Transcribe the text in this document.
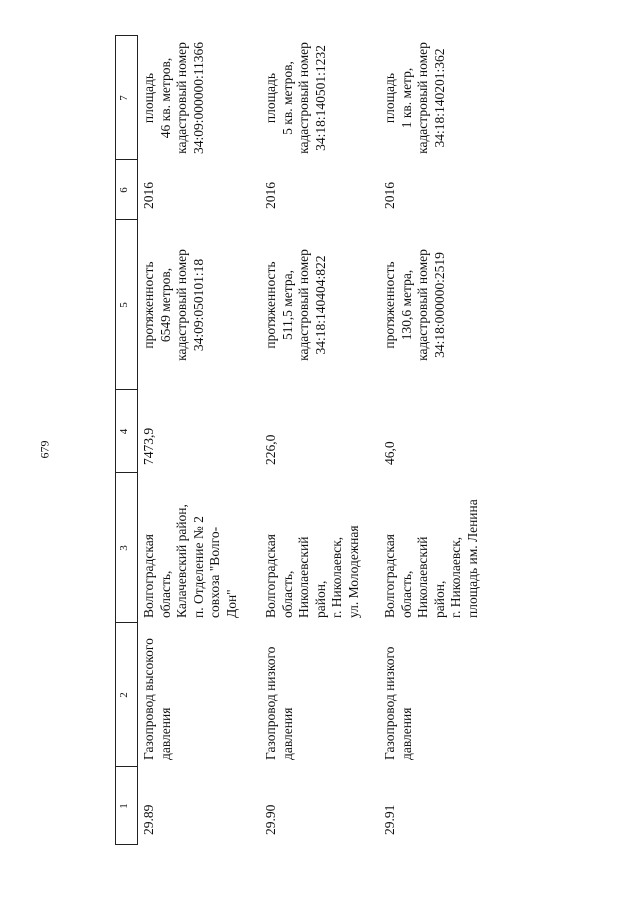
679
1
2
3
4
5
6
7
29.89
Газопровод высокого давления
Волгоградская область, Калачевский район, п. Отделение № 2 совхоза "Волго- Дон"
7473,9
протяженность 6549 метров, кадастровый номер 34:09:050101:18
2016
площадь 46 кв. метров, кадастровый номер 34:09:000000:11366
29.90
Газопровод низкого давления
Волгоградская область, Николаевский район, г. Николаевск, ул. Молодежная
226,0
протяженность 511,5 метра, кадастровый номер 34:18:140404:822
2016
площадь 5 кв. метров, кадастровый номер 34:18:140501:1232
29.91
Газопровод низкого давления
Волгоградская область, Николаевский район, г. Николаевск, площадь им. Ленина
46,0
протяженность 130,6 метра, кадастровый номер 34:18:000000:2519
2016
площадь 1 кв. метр, кадастровый номер 34:18:140201:362
